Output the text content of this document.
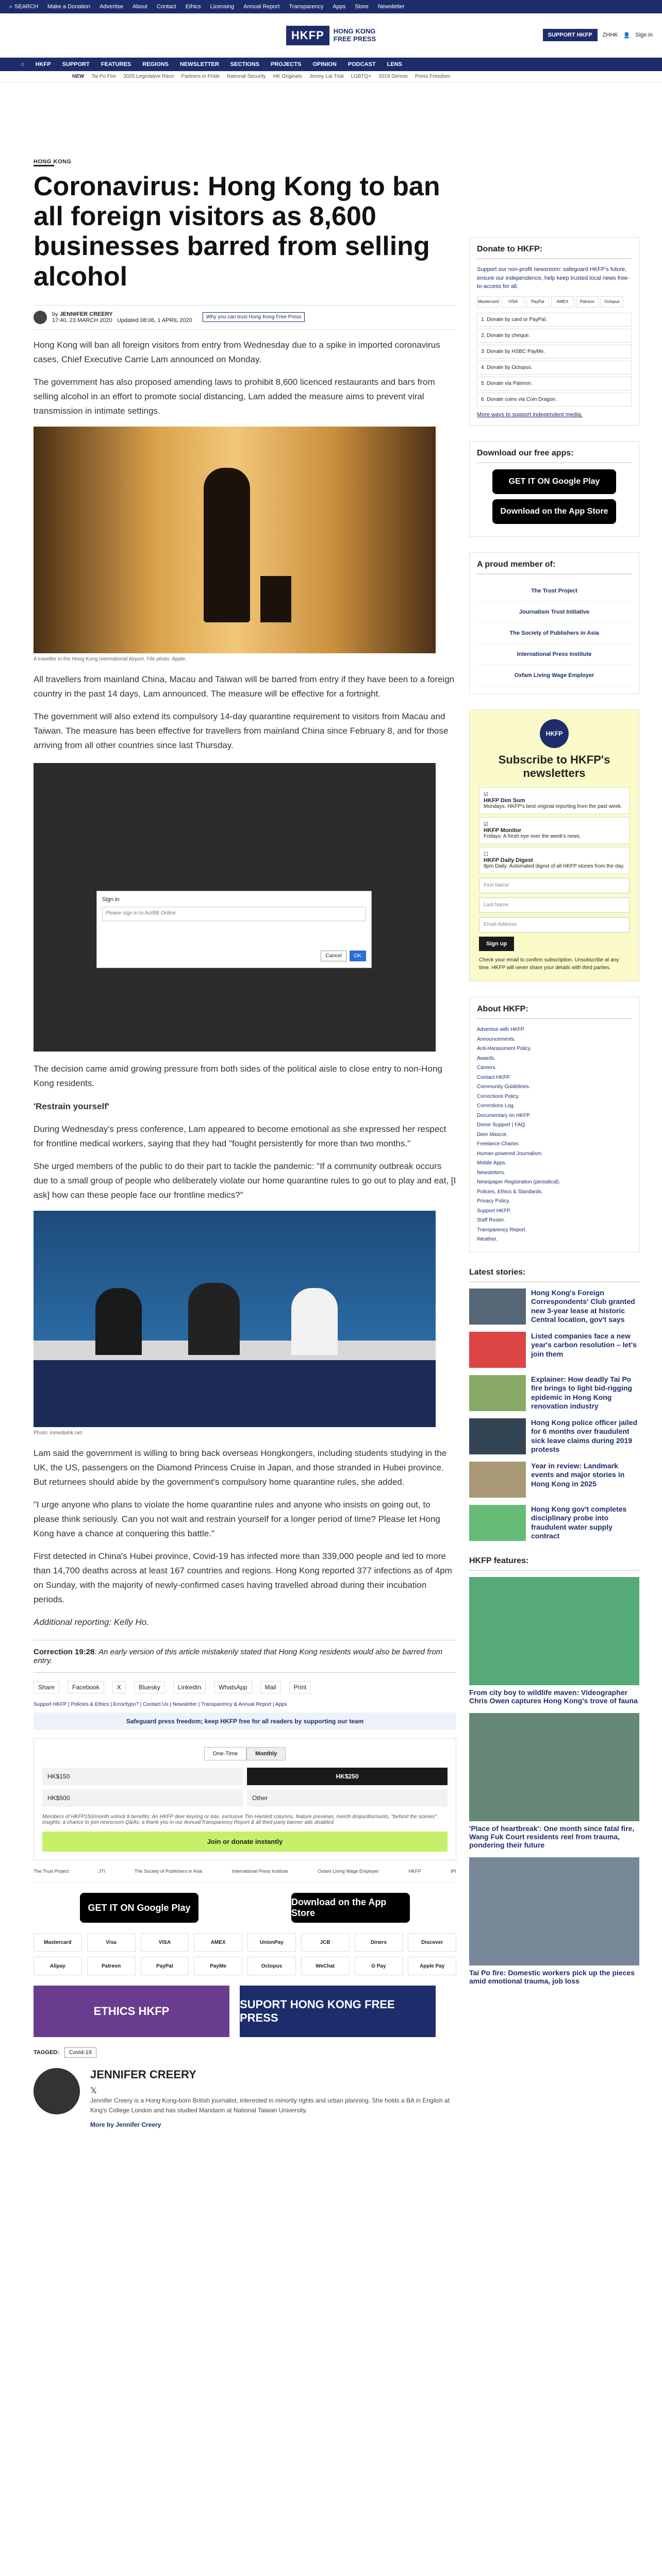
⌕ SEARCH Make a Donation Advertise About Contact Ethics Licensing Annual Report Transparency Apps Store Newsletter
HKFP	HONG KONG
FREE PRESS	SUPPORT HKFP	ZHHK 👤 Sign in
⌂ HKFP SUPPORT FEATURES REGIONS NEWSLETTER SECTIONS PROJECTS OPINION PODCAST LENS
NEW Tai Po Fire 2025 Legislative Race Partners in Pride National Security HK Originals Jimmy Lai Trial LGBTQ+ 2019 Demos Press Freedom
HONG KONG
Coronavirus: Hong Kong to ban all foreign visitors as 8,600 businesses barred from selling alcohol
by JENNIFER CREERY
17:40, 23 MARCH 2020 Updated 08:06, 1 APRIL 2020	Why you can trust Hong Kong Free Press

Hong Kong will ban all foreign visitors from entry from Wednesday due to a spike in imported coronavirus cases, Chief Executive Carrie Lam announced on Monday.

The government has also proposed amending laws to prohibit 8,600 licenced restaurants and bars from selling alcohol in an effort to promote social distancing, Lam added the measure aims to prevent viral transmission in intimate settings.

A traveller in the Hong Kong International Airport. File photo: Apple.

All travellers from mainland China, Macau and Taiwan will be barred from entry if they have been to a foreign country in the past 14 days, Lam announced. The measure will be effective for a fortnight.

The government will also extend its compulsory 14-day quarantine requirement to visitors from Macau and Taiwan. The measure has been effective for travellers from mainland China since February 8, and for those arriving from all other countries since last Thursday.

Sign in
Please sign in to AcrBB Online
Cancel	OK

The decision came amid growing pressure from both sides of the political aisle to close entry to non-Hong Kong residents.

'Restrain yourself'

During Wednesday's press conference, Lam appeared to become emotional as she expressed her respect for frontline medical workers, saying that they had "fought persistently for more than two months."

She urged members of the public to do their part to tackle the pandemic: "If a community outbreak occurs due to a small group of people who deliberately violate our home quarantine rules to go out to play and eat, [I ask] how can these people face our frontline medics?"

Photo: inmediahk.net.

Lam said the government is willing to bring back overseas Hongkongers, including students studying in the UK, the US, passengers on the Diamond Princess Cruise in Japan, and those stranded in Hubei province. But returnees should abide by the government's compulsory home quarantine rules, she added.

"I urge anyone who plans to violate the home quarantine rules and anyone who insists on going out, to please think seriously. Can you not wait and restrain yourself for a longer period of time? Please let Hong Kong have a chance at conquering this battle."

First detected in China's Hubei province, Covid-19 has infected more than 339,000 people and led to more than 14,700 deaths across at least 167 countries and regions. Hong Kong reported 377 infections as of 4pm on Sunday, with the majority of newly-confirmed cases having travelled abroad during their incubation periods.

Additional reporting: Kelly Ho.

Correction 19:28: An early version of this article mistakenly stated that Hong Kong residents would also be barred from entry.
Share	Facebook	X	Bluesky	LinkedIn	WhatsApp	Mail	Print
Support HKFP | Policies & Ethics | Error/typo? | Contact Us | Newsletter | Transparency & Annual Report | Apps
Safeguard press freedom; keep HKFP free for all readers by supporting our team
One-Time	Monthly
HK$150	HK$250
HK$500	Other
Members of HKFP150/month unlock 8 benefits: An HKFP deer keyring or tote, exclusive Tim Hamlett columns, feature previews, merch drops/discounts, "behind the scenes" insights; a chance to join newsroom Q&As; a thank you in our Annual/Transparency Report & all third-party banner ads disabled.
Join or donate instantly
The Trust Project	JTI	The Society of Publishers in Asia	International Press Institute	Oxfam Living Wage Employer	HKFP	IPI
GET IT ON Google Play
Download on the App Store
Mastercard	Visa	VISA	AMEX	UnionPay	JCB	Diners	Discover
Alipay	Patreon	PayPal	PayMe	Octopus	WeChat	G Pay	Apple Pay
ETHICS HKFP
SUPORT HONG KONG FREE PRESS
TAGGED:	Covid-19
JENNIFER CREERY
𝕏

Jennifer Creery is a Hong Kong-born British journalist, interested in minority rights and urban planning. She holds a BA in English at King's College London and has studied Mandarin at National Taiwan University.

More by Jennifer Creery

Donate to HKFP:

Support our non-profit newsroom: safeguard HKFP's future, ensure our independence, help keep trusted local news free-to-access for all.

Mastercard	VISA	PayPal	AMEX	Patreon	Octopus
1. Donate by card or PayPal.
2. Donate by cheque.
3. Donate by HSBC PayMe.
4. Donate by Octopus.
5. Donate via Patreon.
6. Donate coins via Coin Dragon.

More ways to support independent media.

Download our free apps:
GET IT ON Google Play
Download on the App Store
A proud member of:
The Trust Project
Journalism Trust Initiative
The Society of Publishers in Asia
International Press Institute
Oxfam Living Wage Employer
HKFP
Subscribe to HKFP's newsletters
☑
HKFP Dim Sum
Mondays: HKFP's best original reporting from the past week.
☑
HKFP Monitor
Fridays: A fresh eye over the week's news.
☐
HKFP Daily Digest
9pm Daily: Automated digest of all HKFP stories from the day.
First Name
Last Name
Email Address
Sign up

Check your email to confirm subscription. Unsubscribe at any time. HKFP will never share your details with third parties.

About HKFP:
Advertise with HKFP.
Announcements.
Anti-Harassment Policy.
Awards.
Careers.
Contact HKFP.
Community Guidelines.
Corrections Policy.
Corrections Log.
Documentary on HKFP.
Donor Support | FAQ.
Deer Mascot.
Freelance Charter.
Human-powered Journalism.
Mobile Apps.
Newsletters.
Newspaper Registration (periodical).
Policies, Ethics & Standards.
Privacy Policy.
Support HKFP.
Staff Roster.
Transparency Report.
Weather.
Latest stories:
Hong Kong's Foreign Correspondents' Club granted new 3-year lease at historic Central location, gov't says
Listed companies face a new year's carbon resolution – let's join them
Explainer: How deadly Tai Po fire brings to light bid-rigging epidemic in Hong Kong renovation industry
Hong Kong police officer jailed for 6 months over fraudulent sick leave claims during 2019 protests
Year in review: Landmark events and major stories in Hong Kong in 2025
Hong Kong gov't completes disciplinary probe into fraudulent water supply contract
HKFP features:
From city boy to wildlife maven: Videographer Chris Owen captures Hong Kong's trove of fauna
'Place of heartbreak': One month since fatal fire, Wang Fuk Court residents reel from trauma, pondering their future
Tai Po fire: Domestic workers pick up the pieces amid emotional trauma, job loss
